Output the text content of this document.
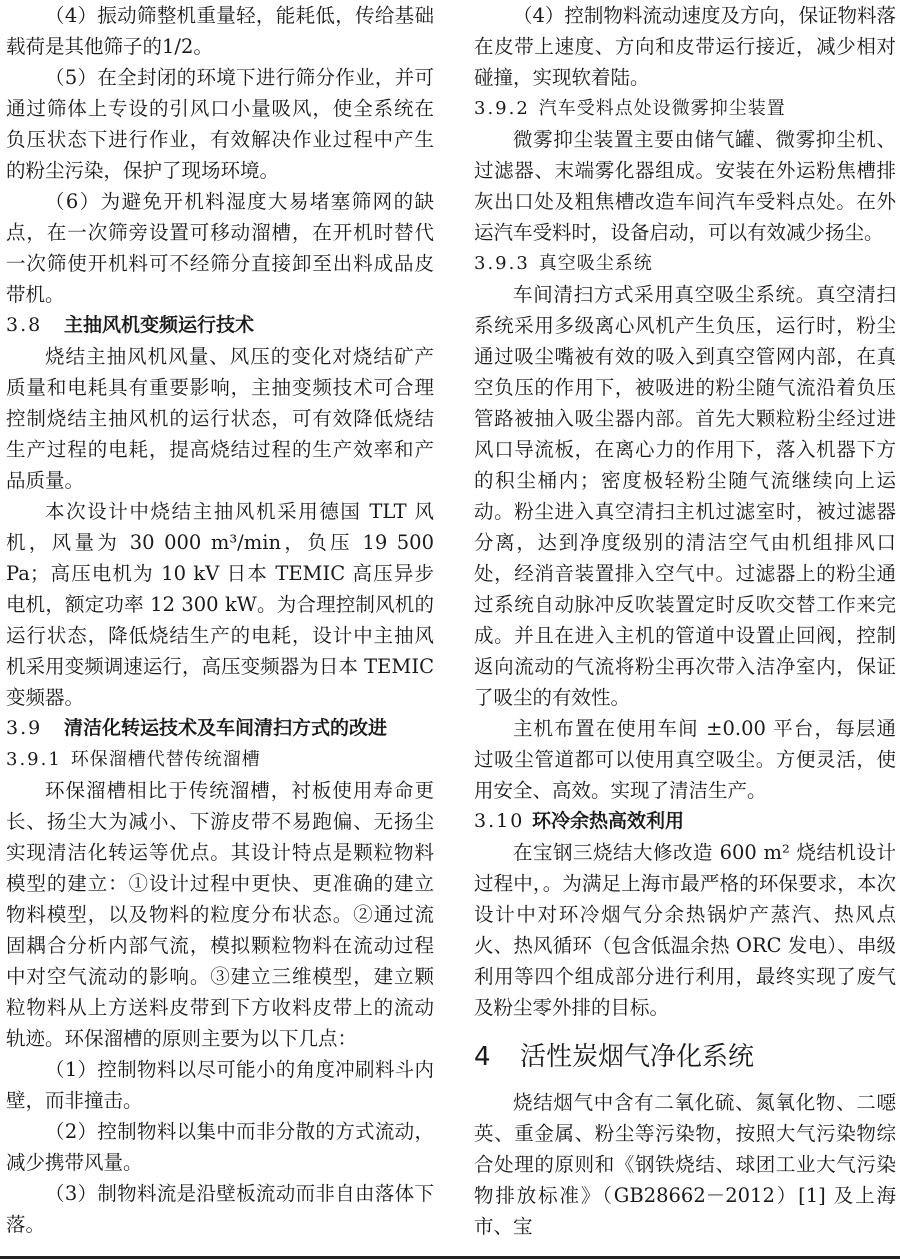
（4）振动筛整机重量轻，能耗低，传给基础载荷是其他筛子的1/2。

（5）在全封闭的环境下进行筛分作业，并可通过筛体上专设的引风口小量吸风，使全系统在负压状态下进行作业，有效解决作业过程中产生的粉尘污染，保护了现场环境。

（6）为避免开机料湿度大易堵塞筛网的缺点，在一次筛旁设置可移动溜槽，在开机时替代一次筛使开机料可不经筛分直接卸至出料成品皮带机。

3.8 主抽风机变频运行技术

烧结主抽风机风量、风压的变化对烧结矿产质量和电耗具有重要影响，主抽变频技术可合理控制烧结主抽风机的运行状态，可有效降低烧结生产过程的电耗，提高烧结过程的生产效率和产品质量。

本次设计中烧结主抽风机采用德国 TLT 风机，风量为 30 000 m³/min，负压 19 500 Pa；高压电机为 10 kV 日本 TEMIC 高压异步电机，额定功率 12 300 kW。为合理控制风机的运行状态，降低烧结生产的电耗，设计中主抽风机采用变频调速运行，高压变频器为日本 TEMIC 变频器。

3.9 清洁化转运技术及车间清扫方式的改进
3.9.1 环保溜槽代替传统溜槽

环保溜槽相比于传统溜槽，衬板使用寿命更长、扬尘大为减小、下游皮带不易跑偏、无扬尘实现清洁化转运等优点。其设计特点是颗粒物料模型的建立：①设计过程中更快、更准确的建立物料模型，以及物料的粒度分布状态。②通过流固耦合分析内部气流，模拟颗粒物料在流动过程中对空气流动的影响。③建立三维模型，建立颗粒物料从上方送料皮带到下方收料皮带上的流动轨迹。环保溜槽的原则主要为以下几点：

（1）控制物料以尽可能小的角度冲刷料斗内壁，而非撞击。

（2）控制物料以集中而非分散的方式流动，减少携带风量。

（3）制物料流是沿壁板流动而非自由落体下落。

（4）控制物料流动速度及方向，保证物料落在皮带上速度、方向和皮带运行接近，减少相对碰撞，实现软着陆。

3.9.2 汽车受料点处设微雾抑尘装置

微雾抑尘装置主要由储气罐、微雾抑尘机、过滤器、末端雾化器组成。安装在外运粉焦槽排灰出口处及粗焦槽改造车间汽车受料点处。在外运汽车受料时，设备启动，可以有效减少扬尘。

3.9.3 真空吸尘系统

车间清扫方式采用真空吸尘系统。真空清扫系统采用多级离心风机产生负压，运行时，粉尘通过吸尘嘴被有效的吸入到真空管网内部，在真空负压的作用下，被吸进的粉尘随气流沿着负压管路被抽入吸尘器内部。首先大颗粒粉尘经过进风口导流板，在离心力的作用下，落入机器下方的积尘桶内；密度极轻粉尘随气流继续向上运动。粉尘进入真空清扫主机过滤室时，被过滤器分离，达到净度级别的清洁空气由机组排风口处，经消音装置排入空气中。过滤器上的粉尘通过系统自动脉冲反吹装置定时反吹交替工作来完成。并且在进入主机的管道中设置止回阀，控制返向流动的气流将粉尘再次带入洁净室内，保证了吸尘的有效性。

主机布置在使用车间 ±0.00 平台，每层通过吸尘管道都可以使用真空吸尘。方便灵活，使用安全、高效。实现了清洁生产。

3.10 环冷余热高效利用

在宝钢三烧结大修改造 600 m² 烧结机设计过程中，。为满足上海市最严格的环保要求，本次设计中对环冷烟气分余热锅炉产蒸汽、热风点火、热风循环（包含低温余热 ORC 发电）、串级利用等四个组成部分进行利用，最终实现了废气及粉尘零外排的目标。

4 活性炭烟气净化系统

烧结烟气中含有二氧化硫、氮氧化物、二噁英、重金属、粉尘等污染物，按照大气污染物综合处理的原则和《钢铁烧结、球团工业大气污染物排放标准》（GB28662－2012）[1] 及上海市、宝
